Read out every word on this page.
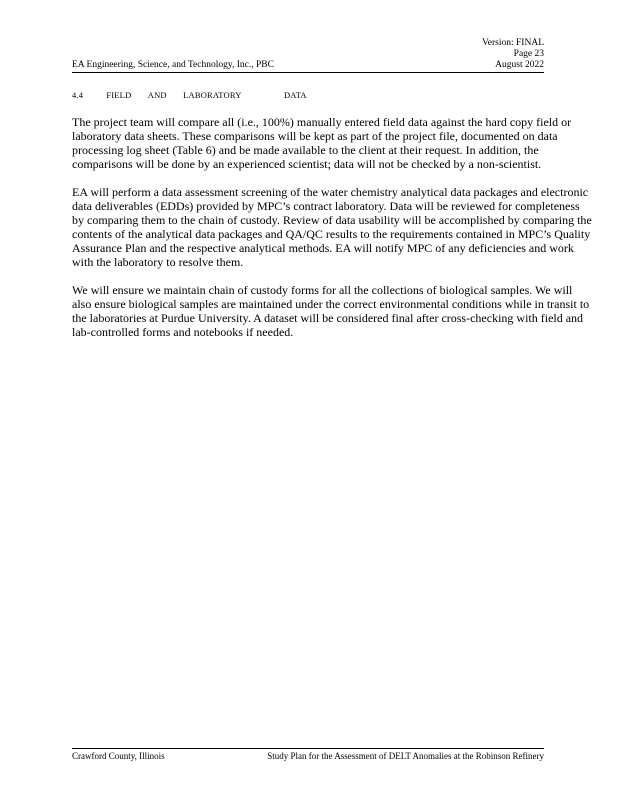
Version: FINAL
Page 23
August 2022
EA Engineering, Science, and Technology, Inc., PBC
4.4	FIELD AND LABORATORY	DATA

The project team will compare all (i.e., 100%) manually entered field data against the hard copy field or laboratory data sheets. These comparisons will be kept as part of the project file, documented on data processing log sheet (Table 6) and be made available to the client at their request. In addition, the comparisons will be done by an experienced scientist; data will not be checked by a non-scientist.

EA will perform a data assessment screening of the water chemistry analytical data packages and electronic data deliverables (EDDs) provided by MPC’s contract laboratory. Data will be reviewed for completeness by comparing them to the chain of custody. Review of data usability will be accomplished by comparing the contents of the analytical data packages and QA/QC results to the requirements contained in MPC’s Quality Assurance Plan and the respective analytical methods. EA will notify MPC of any deficiencies and work with the laboratory to resolve them.

We will ensure we maintain chain of custody forms for all the collections of biological samples. We will also ensure biological samples are maintained under the correct environmental conditions while in transit to the laboratories at Purdue University. A dataset will be considered final after cross-checking with field and lab-controlled forms and notebooks if needed.

Crawford County, Illinois	Study Plan for the Assessment of DELT Anomalies at the Robinson Refinery
